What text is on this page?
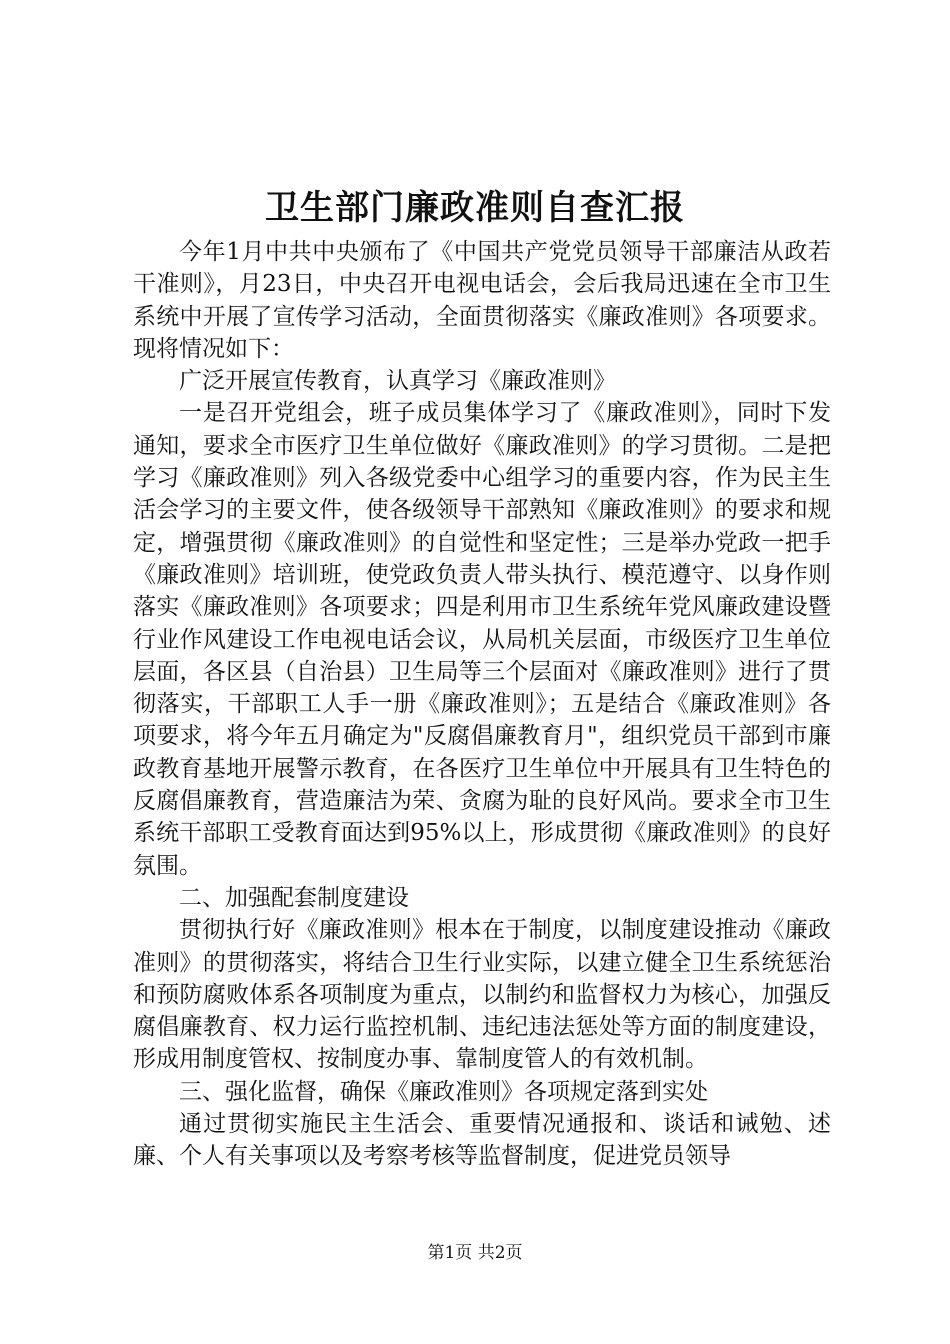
卫生部门廉政准则自查汇报

今年1月中共中央颁布了《中国共产党党员领导干部廉洁从政若干准则》，月23日，中央召开电视电话会，会后我局迅速在全市卫生系统中开展了宣传学习活动，全面贯彻落实《廉政准则》各项要求。现将情况如下：

广泛开展宣传教育，认真学习《廉政准则》

一是召开党组会，班子成员集体学习了《廉政准则》，同时下发通知，要求全市医疗卫生单位做好《廉政准则》的学习贯彻。二是把学习《廉政准则》列入各级党委中心组学习的重要内容，作为民主生活会学习的主要文件，使各级领导干部熟知《廉政准则》的要求和规定，增强贯彻《廉政准则》的自觉性和坚定性；三是举办党政一把手《廉政准则》培训班，使党政负责人带头执行、模范遵守、以身作则落实《廉政准则》各项要求；四是利用市卫生系统年党风廉政建设暨行业作风建设工作电视电话会议，从局机关层面，市级医疗卫生单位层面，各区县（自治县）卫生局等三个层面对《廉政准则》进行了贯彻落实，干部职工人手一册《廉政准则》；五是结合《廉政准则》各项要求，将今年五月确定为"反腐倡廉教育月"，组织党员干部到市廉政教育基地开展警示教育，在各医疗卫生单位中开展具有卫生特色的反腐倡廉教育，营造廉洁为荣、贪腐为耻的良好风尚。要求全市卫生系统干部职工受教育面达到95%以上，形成贯彻《廉政准则》的良好氛围。

二、加强配套制度建设

贯彻执行好《廉政准则》根本在于制度，以制度建设推动《廉政准则》的贯彻落实，将结合卫生行业实际，以建立健全卫生系统惩治和预防腐败体系各项制度为重点，以制约和监督权力为核心，加强反腐倡廉教育、权力运行监控机制、违纪违法惩处等方面的制度建设，形成用制度管权、按制度办事、靠制度管人的有效机制。

三、强化监督，确保《廉政准则》各项规定落到实处

通过贯彻实施民主生活会、重要情况通报和、谈话和诫勉、述廉、个人有关事项以及考察考核等监督制度，促进党员领导

第1页 共2页
